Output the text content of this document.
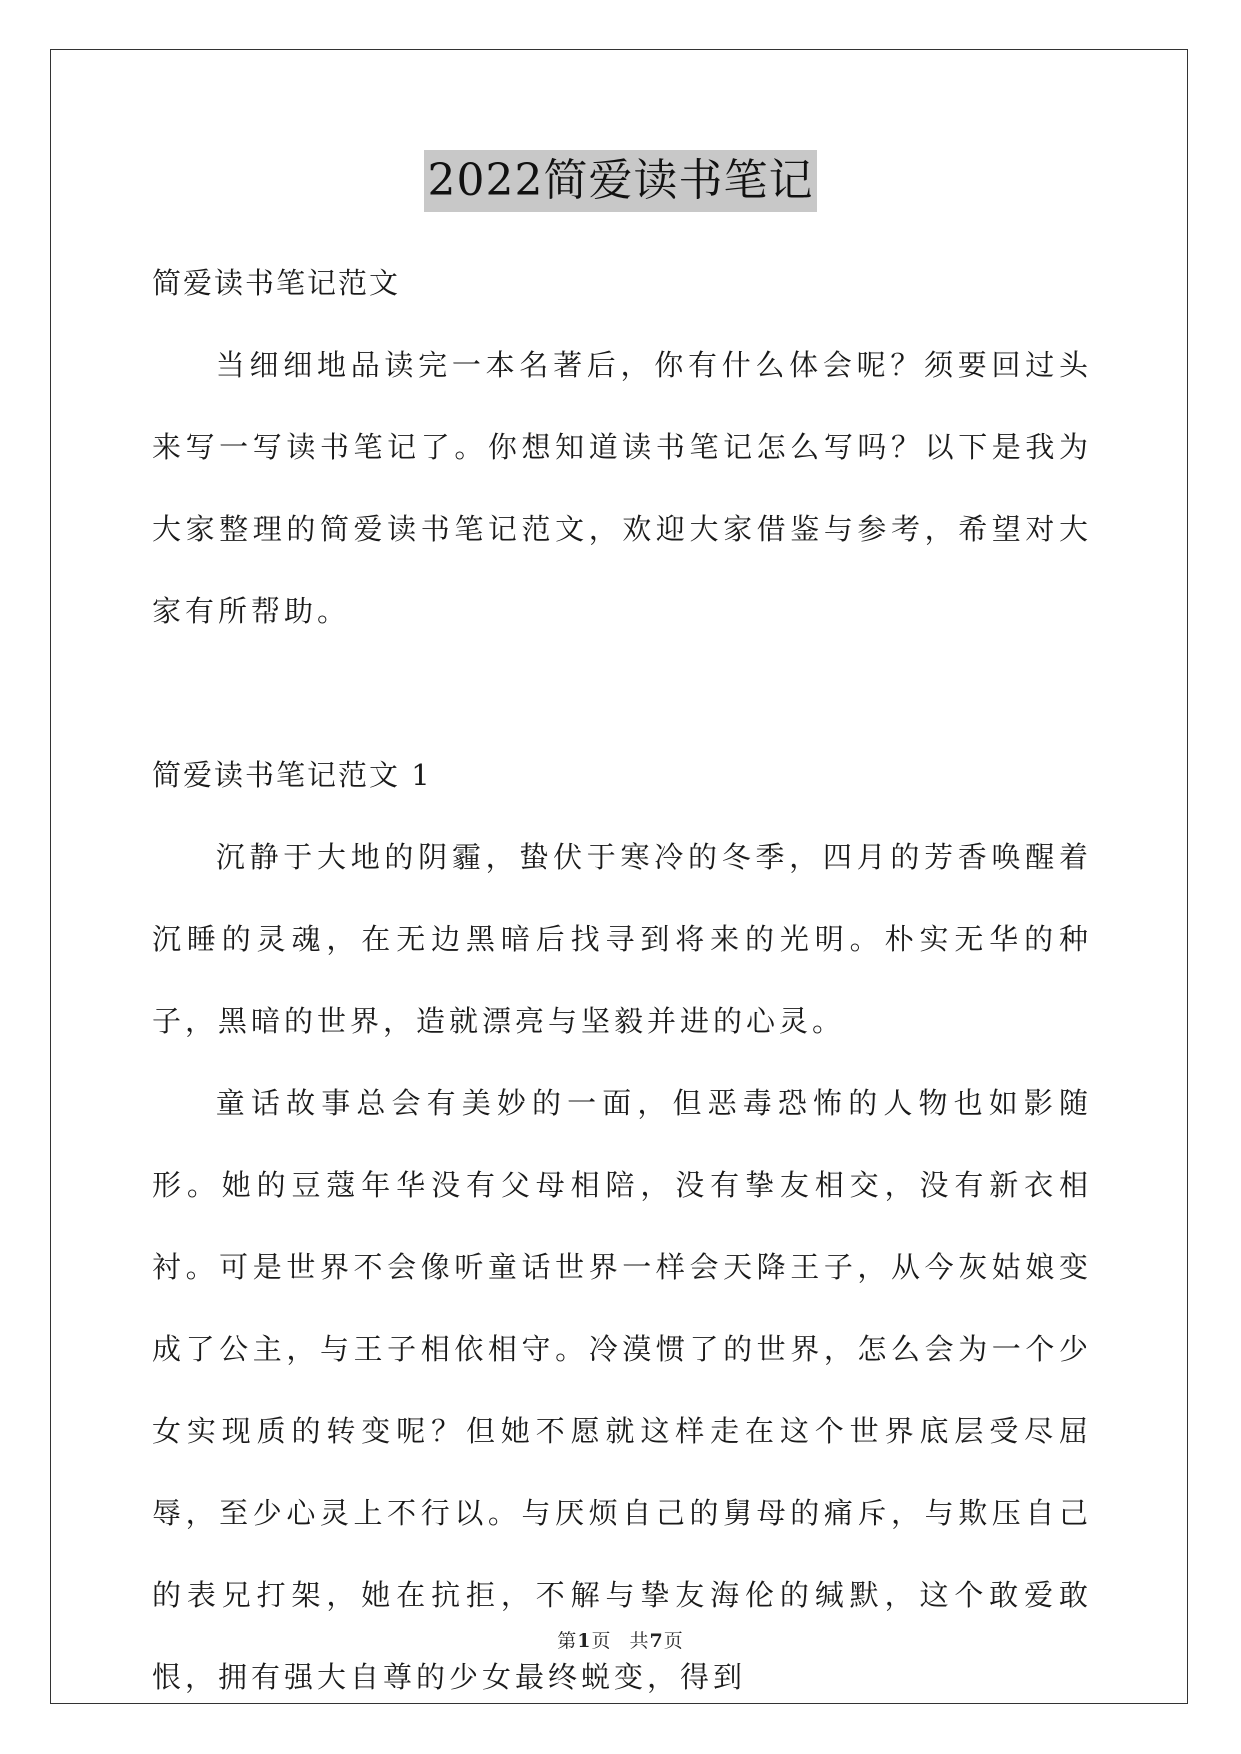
2022简爱读书笔记

简爱读书笔记范文

当细细地品读完一本名著后，你有什么体会呢？须要回过头来写一写读书笔记了。你想知道读书笔记怎么写吗？以下是我为大家整理的简爱读书笔记范文，欢迎大家借鉴与参考，希望对大家有所帮助。

简爱读书笔记范文 1

沉静于大地的阴霾，蛰伏于寒冷的冬季，四月的芳香唤醒着沉睡的灵魂，在无边黑暗后找寻到将来的光明。朴实无华的种子，黑暗的世界，造就漂亮与坚毅并进的心灵。

童话故事总会有美妙的一面，但恶毒恐怖的人物也如影随形。她的豆蔻年华没有父母相陪，没有挚友相交，没有新衣相衬。可是世界不会像听童话世界一样会天降王子，从今灰姑娘变成了公主，与王子相依相守。冷漠惯了的世界，怎么会为一个少女实现质的转变呢？但她不愿就这样走在这个世界底层受尽屈辱，至少心灵上不行以。与厌烦自己的舅母的痛斥，与欺压自己的表兄打架，她在抗拒，不解与挚友海伦的缄默，这个敢爱敢恨，拥有强大自尊的少女最终蜕变，得到

第1页 共7页
